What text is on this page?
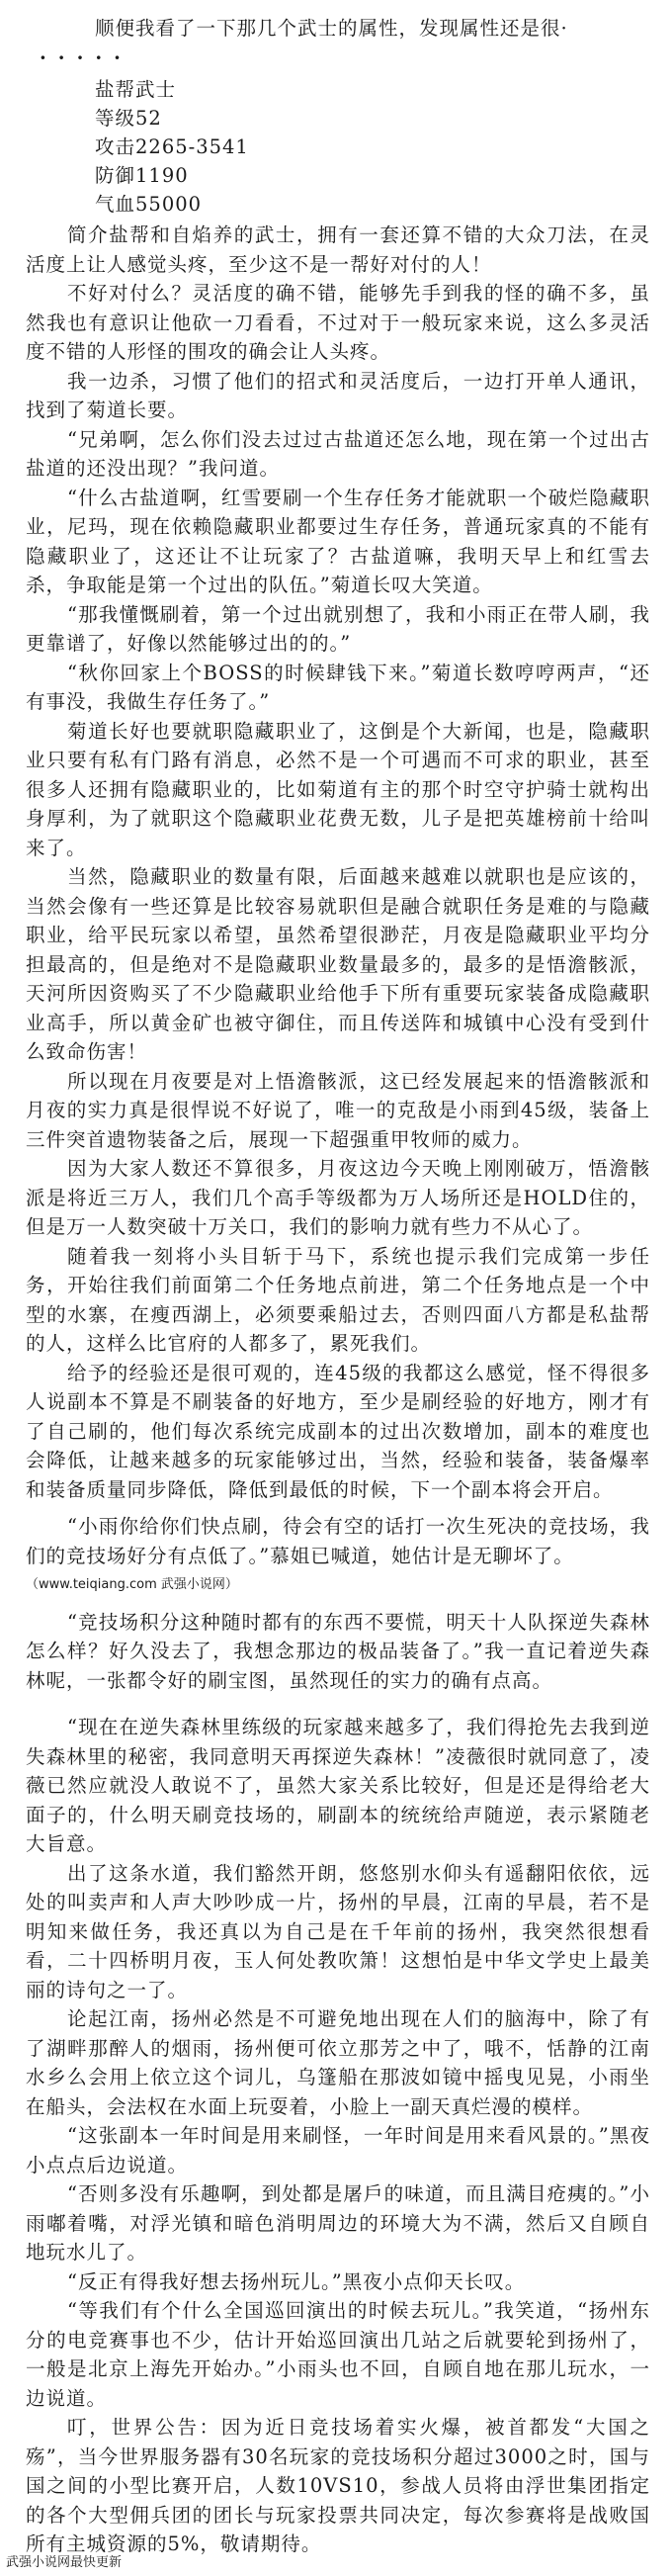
顺便我看了一下那几个武士的属性，发现属性还是很·

·····

盐帮武士

等级52

攻击2265-3541

防御1190

气血55000

简介盐帮和自焰养的武士，拥有一套还算不错的大众刀法，在灵活度上让人感觉头疼，至少这不是一帮好对付的人！

不好对付么？灵活度的确不错，能够先手到我的怪的确不多，虽然我也有意识让他砍一刀看看，不过对于一般玩家来说，这么多灵活度不错的人形怪的围攻的确会让人头疼。

我一边杀，习惯了他们的招式和灵活度后，一边打开单人通讯，找到了菊道长要。

“兄弟啊，怎么你们没去过过古盐道还怎么地，现在第一个过出古盐道的还没出现？”我问道。

“什么古盐道啊，红雪要刷一个生存任务才能就职一个破烂隐藏职业，尼玛，现在依赖隐藏职业都要过生存任务，普通玩家真的不能有隐藏职业了，这还让不让玩家了？古盐道嘛，我明天早上和红雪去杀，争取能是第一个过出的队伍。”菊道长叹大笑道。

“那我懂慨刷着，第一个过出就别想了，我和小雨正在带人刷，我更靠谱了，好像以然能够过出的的。”

“秋你回家上个BOSS的时候肆钱下来。”菊道长数哼哼两声，“还有事没，我做生存任务了。”

菊道长好也要就职隐藏职业了，这倒是个大新闻，也是，隐藏职业只要有私有门路有消息，必然不是一个可遇而不可求的职业，甚至很多人还拥有隐藏职业的，比如菊道有主的那个时空守护骑士就构出身厚利，为了就职这个隐藏职业花费无数，儿子是把英雄榜前十给叫来了。

当然，隐藏职业的数量有限，后面越来越难以就职也是应该的，当然会像有一些还算是比较容易就职但是融合就职任务是难的与隐藏职业，给平民玩家以希望，虽然希望很渺茫，月夜是隐藏职业平均分担最高的，但是绝对不是隐藏职业数量最多的，最多的是悟澹骸派，天河所因资购买了不少隐藏职业给他手下所有重要玩家装备成隐藏职业高手，所以黄金矿也被守御住，而且传送阵和城镇中心没有受到什么致命伤害！

所以现在月夜要是对上悟澹骸派，这已经发展起来的悟澹骸派和月夜的实力真是很悍说不好说了，唯一的克敌是小雨到45级，装备上三件突首遗物装备之后，展现一下超强重甲牧师的威力。

因为大家人数还不算很多，月夜这边今天晚上刚刚破万，悟澹骸派是将近三万人，我们几个高手等级都为万人场所还是HOLD住的，但是万一人数突破十万关口，我们的影响力就有些力不从心了。

随着我一刻将小头目斩于马下，系统也提示我们完成第一步任务，开始往我们前面第二个任务地点前进，第二个任务地点是一个中型的水寨，在瘦西湖上，必须要乘船过去，否则四面八方都是私盐帮的人，这样么比官府的人都多了，累死我们。

给予的经验还是很可观的，连45级的我都这么感觉，怪不得很多人说副本不算是不刷装备的好地方，至少是刷经验的好地方，刚才有了自己刷的，他们每次系统完成副本的过出次数增加，副本的难度也会降低，让越来越多的玩家能够过出，当然，经验和装备，装备爆率和装备质量同步降低，降低到最低的时候，下一个副本将会开启。

“小雨你给你们快点刷，待会有空的话打一次生死决的竞技场，我们的竞技场好分有点低了。”慕姐已喊道，她估计是无聊坏了。

（www.teiqiang.com 武强小说网）

“竞技场积分这种随时都有的东西不要慌，明天十人队探逆失森林怎么样？好久没去了，我想念那边的极品装备了。”我一直记着逆失森林呢，一张都令好的刷宝图，虽然现任的实力的确有点高。

“现在在逆失森林里练级的玩家越来越多了，我们得抢先去我到逆失森林里的秘密，我同意明天再探逆失森林！”凌薇很时就同意了，凌薇已然应就没人敢说不了，虽然大家关系比较好，但是还是得给老大面子的，什么明天刷竞技场的，刷副本的统统给声随逆，表示紧随老大旨意。

出了这条水道，我们豁然开朗，悠悠别水仰头有遥翻阳依依，远处的叫卖声和人声大吵吵成一片，扬州的早晨，江南的早晨，若不是明知来做任务，我还真以为自己是在千年前的扬州，我突然很想看看，二十四桥明月夜，玉人何处教吹箫！这想怕是中华文学史上最美丽的诗句之一了。

论起江南，扬州必然是不可避免地出现在人们的脑海中，除了有了湖畔那醉人的烟雨，扬州便可依立那芳之中了，哦不，恬静的江南水乡么会用上依立这个词儿，乌篷船在那波如镜中摇曳见晃，小雨坐在船头，会法权在水面上玩耍着，小脸上一副天真烂漫的模样。

“这张副本一年时间是用来刷怪，一年时间是用来看风景的。”黑夜小点点后边说道。

“否则多没有乐趣啊，到处都是屠戶的味道，而且满目疮痍的。”小雨嘟着嘴，对浮光镇和暗色消明周边的环境大为不满，然后又自顾自地玩水儿了。

“反正有得我好想去扬州玩儿。”黑夜小点仰天长叹。

“等我们有个什么全国巡回演出的时候去玩儿。”我笑道，“扬州东分的电竞赛事也不少，估计开始巡回演出几站之后就要轮到扬州了，一般是北京上海先开始办。”小雨头也不回，自顾自地在那儿玩水，一边说道。

叮，世界公告：因为近日竞技场着实火爆，被首都发“大国之殇”，当今世界服务器有30名玩家的竞技场积分超过3000之时，国与国之间的小型比赛开启，人数10VS10，参战人员将由浮世集团指定的各个大型佣兵团的团长与玩家投票共同决定，每次参赛将是战败国所有主城资源的5%，敬请期待。

武强小说网最快更新
